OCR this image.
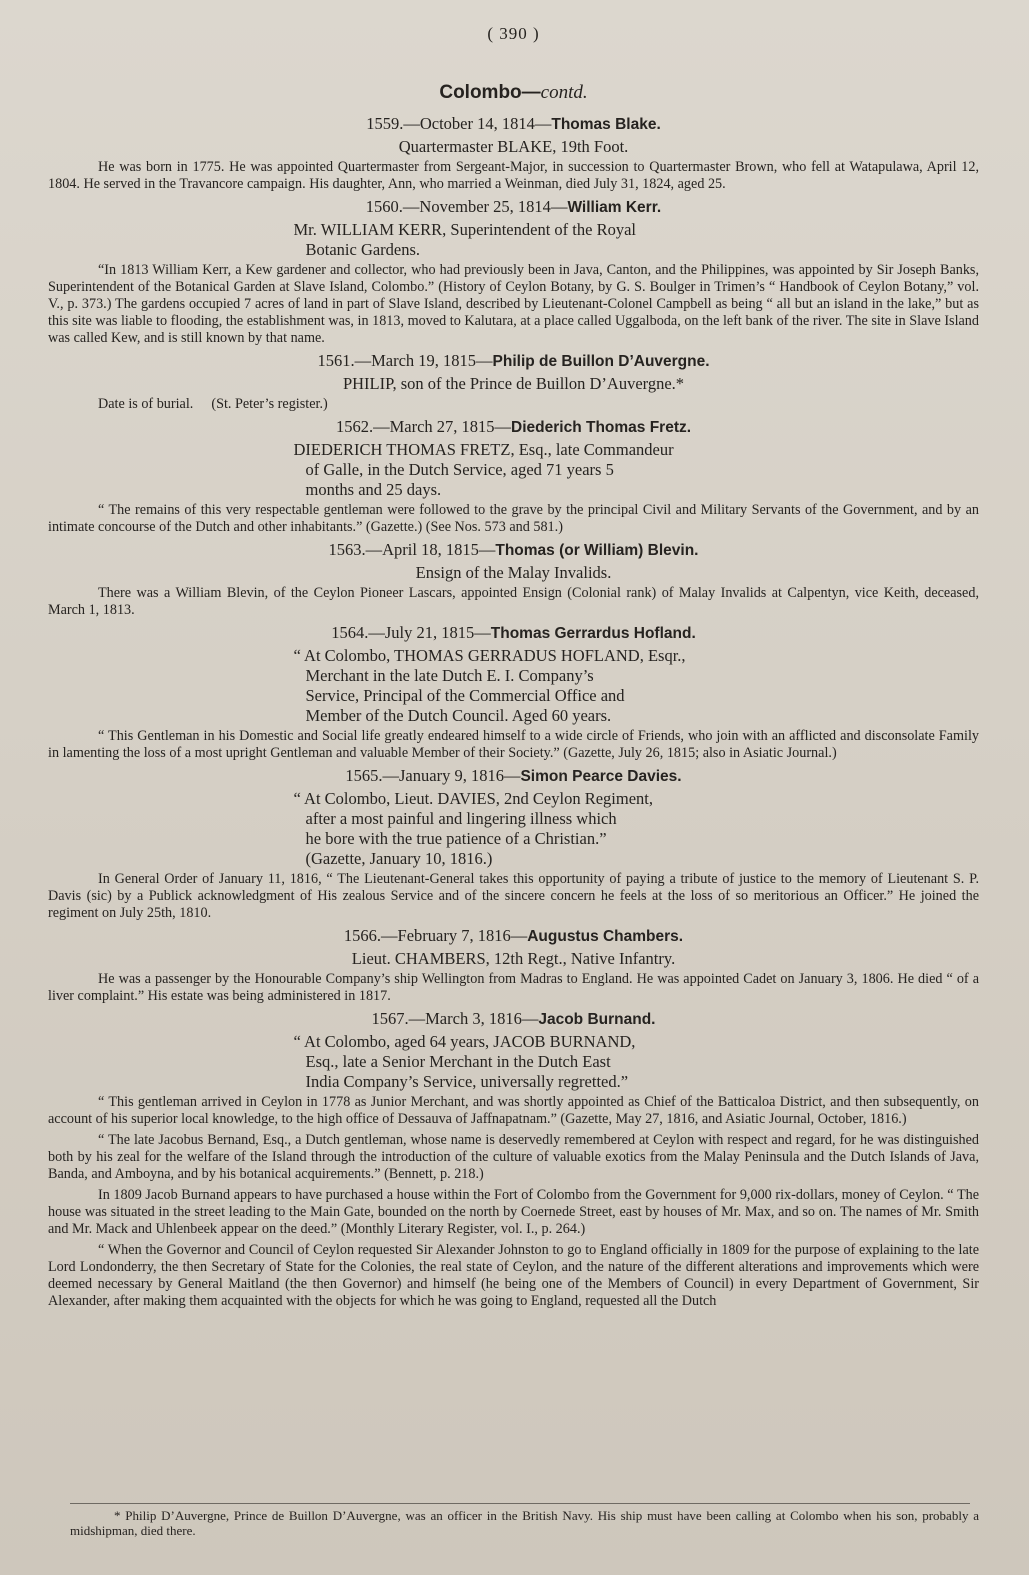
( 390 )
Colombo—contd.
1559.—October 14, 1814—Thomas Blake.
Quartermaster BLAKE, 19th Foot.

He was born in 1775. He was appointed Quartermaster from Sergeant-Major, in succession to Quartermaster Brown, who fell at Watapulawa, April 12, 1804. He served in the Travancore campaign. His daughter, Ann, who married a Weinman, died July 31, 1824, aged 25.

1560.—November 25, 1814—William Kerr.
Mr. WILLIAM KERR, Superintendent of the Royal
Botanic Gardens.

“In 1813 William Kerr, a Kew gardener and collector, who had previously been in Java, Canton, and the Philippines, was appointed by Sir Joseph Banks, Superintendent of the Botanical Garden at Slave Island, Colombo.” (History of Ceylon Botany, by G. S. Boulger in Trimen’s “ Handbook of Ceylon Botany,” vol. V., p. 373.) The gardens occupied 7 acres of land in part of Slave Island, described by Lieutenant-Colonel Campbell as being “ all but an island in the lake,” but as this site was liable to flooding, the establishment was, in 1813, moved to Kalutara, at a place called Uggalboda, on the left bank of the river. The site in Slave Island was called Kew, and is still known by that name.

1561.—March 19, 1815—Philip de Buillon D’Auvergne.
PHILIP, son of the Prince de Buillon D’Auvergne.*
Date is of burial. (St. Peter’s register.)
1562.—March 27, 1815—Diederich Thomas Fretz.
DIEDERICH THOMAS FRETZ, Esq., late Commandeur
of Galle, in the Dutch Service, aged 71 years 5
months and 25 days.

“ The remains of this very respectable gentleman were followed to the grave by the principal Civil and Military Servants of the Government, and by an intimate concourse of the Dutch and other inhabitants.” (Gazette.) (See Nos. 573 and 581.)

1563.—April 18, 1815—Thomas (or William) Blevin.
Ensign of the Malay Invalids.

There was a William Blevin, of the Ceylon Pioneer Lascars, appointed Ensign (Colonial rank) of Malay Invalids at Calpentyn, vice Keith, deceased, March 1, 1813.

1564.—July 21, 1815—Thomas Gerrardus Hofland.
“ At Colombo, THOMAS GERRADUS HOFLAND, Esqr.,
Merchant in the late Dutch E. I. Company’s
Service, Principal of the Commercial Office and
Member of the Dutch Council. Aged 60 years.

“ This Gentleman in his Domestic and Social life greatly endeared himself to a wide circle of Friends, who join with an afflicted and disconsolate Family in lamenting the loss of a most upright Gentleman and valuable Member of their Society.” (Gazette, July 26, 1815; also in Asiatic Journal.)

1565.—January 9, 1816—Simon Pearce Davies.
“ At Colombo, Lieut. DAVIES, 2nd Ceylon Regiment,
after a most painful and lingering illness which
he bore with the true patience of a Christian.”
(Gazette, January 10, 1816.)

In General Order of January 11, 1816, “ The Lieutenant-General takes this opportunity of paying a tribute of justice to the memory of Lieutenant S. P. Davis (sic) by a Publick acknowledgment of His zealous Service and of the sincere concern he feels at the loss of so meritorious an Officer.” He joined the regiment on July 25th, 1810.

1566.—February 7, 1816—Augustus Chambers.
Lieut. CHAMBERS, 12th Regt., Native Infantry.

He was a passenger by the Honourable Company’s ship Wellington from Madras to England. He was appointed Cadet on January 3, 1806. He died “ of a liver complaint.” His estate was being administered in 1817.

1567.—March 3, 1816—Jacob Burnand.
“ At Colombo, aged 64 years, JACOB BURNAND,
Esq., late a Senior Merchant in the Dutch East
India Company’s Service, universally regretted.”

“ This gentleman arrived in Ceylon in 1778 as Junior Merchant, and was shortly appointed as Chief of the Batticaloa District, and then subsequently, on account of his superior local knowledge, to the high office of Dessauva of Jaffnapatnam.” (Gazette, May 27, 1816, and Asiatic Journal, October, 1816.)

“ The late Jacobus Bernand, Esq., a Dutch gentleman, whose name is deservedly remembered at Ceylon with respect and regard, for he was distinguished both by his zeal for the welfare of the Island through the introduction of the culture of valuable exotics from the Malay Peninsula and the Dutch Islands of Java, Banda, and Amboyna, and by his botanical acquirements.” (Bennett, p. 218.)

In 1809 Jacob Burnand appears to have purchased a house within the Fort of Colombo from the Government for 9,000 rix-dollars, money of Ceylon. “ The house was situated in the street leading to the Main Gate, bounded on the north by Coernede Street, east by houses of Mr. Max, and so on. The names of Mr. Smith and Mr. Mack and Uhlenbeek appear on the deed.” (Monthly Literary Register, vol. I., p. 264.)

“ When the Governor and Council of Ceylon requested Sir Alexander Johnston to go to England officially in 1809 for the purpose of explaining to the late Lord Londonderry, the then Secretary of State for the Colonies, the real state of Ceylon, and the nature of the different alterations and improvements which were deemed necessary by General Maitland (the then Governor) and himself (he being one of the Members of Council) in every Department of Government, Sir Alexander, after making them acquainted with the objects for which he was going to England, requested all the Dutch

* Philip D’Auvergne, Prince de Buillon D’Auvergne, was an officer in the British Navy. His ship must have been calling at Colombo when his son, probably a midshipman, died there.
